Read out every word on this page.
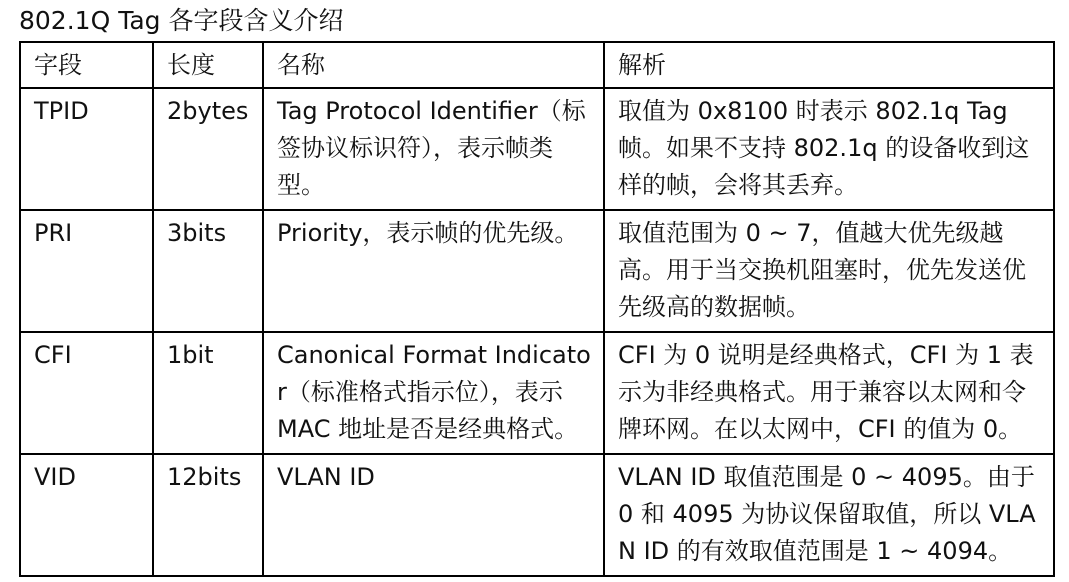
802.1Q Tag 各字段含义介绍
字段	长度	名称	解析
TPID	2bytes	Tag Protocol Identifier（标签协议标识符），表示帧类型。	取值为 0x8100 时表示 802.1q Tag 帧。如果不支持 802.1q 的设备收到这样的帧，会将其丢弃。
PRI	3bits	Priority，表示帧的优先级。	取值范围为 0 ~ 7，值越大优先级越高。用于当交换机阻塞时，优先发送优先级高的数据帧。
CFI	1bit	Canonical Format Indicator（标准格式指示位），表示 MAC 地址是否是经典格式。	CFI 为 0 说明是经典格式，CFI 为 1 表示为非经典格式。用于兼容以太网和令牌环网。在以太网中，CFI 的值为 0。
VID	12bits	VLAN ID	VLAN ID 取值范围是 0 ~ 4095。由于 0 和 4095 为协议保留取值，所以 VLAN ID 的有效取值范围是 1 ~ 4094。
